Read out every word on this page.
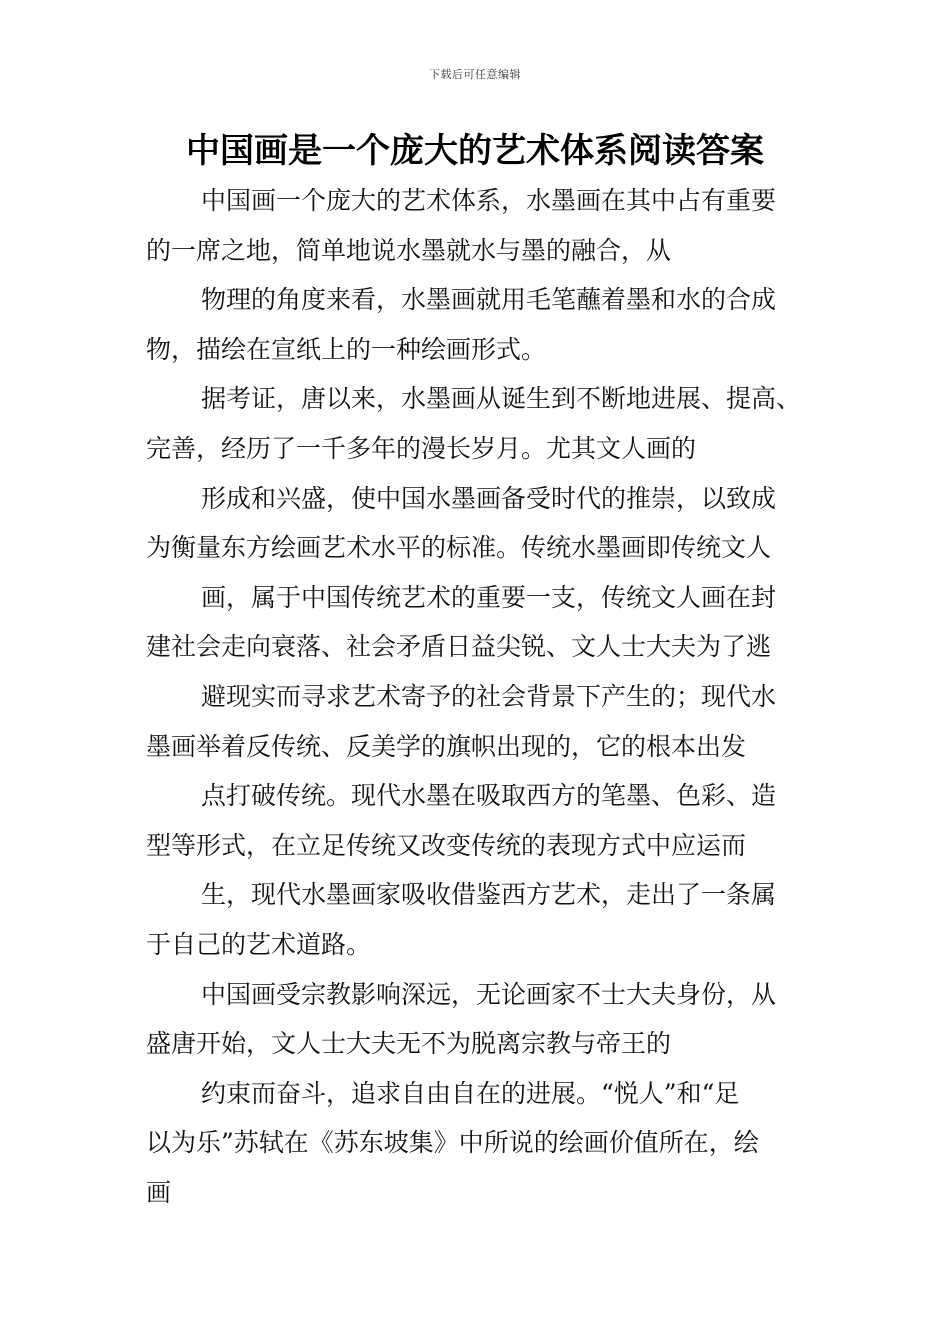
下载后可任意编辑
中国画是一个庞大的艺术体系阅读答案
中国画一个庞大的艺术体系，水墨画在其中占有重要
的一席之地，简单地说水墨就水与墨的融合，从
物理的角度来看，水墨画就用毛笔蘸着墨和水的合成
物，描绘在宣纸上的一种绘画形式。
据考证，唐以来，水墨画从诞生到不断地进展、提高、
完善，经历了一千多年的漫长岁月。尤其文人画的
形成和兴盛，使中国水墨画备受时代的推崇，以致成
为衡量东方绘画艺术水平的标准。传统水墨画即传统文人
画，属于中国传统艺术的重要一支，传统文人画在封
建社会走向衰落、社会矛盾日益尖锐、文人士大夫为了逃
避现实而寻求艺术寄予的社会背景下产生的；现代水
墨画举着反传统、反美学的旗帜出现的，它的根本出发
点打破传统。现代水墨在吸取西方的笔墨、色彩、造
型等形式，在立足传统又改变传统的表现方式中应运而
生，现代水墨画家吸收借鉴西方艺术，走出了一条属
于自己的艺术道路。
中国画受宗教影响深远，无论画家不士大夫身份，从
盛唐开始，文人士大夫无不为脱离宗教与帝王的
约束而奋斗，追求自由自在的进展。“悦人”和“足
以为乐”苏轼在《苏东坡集》中所说的绘画价值所在，绘
画
